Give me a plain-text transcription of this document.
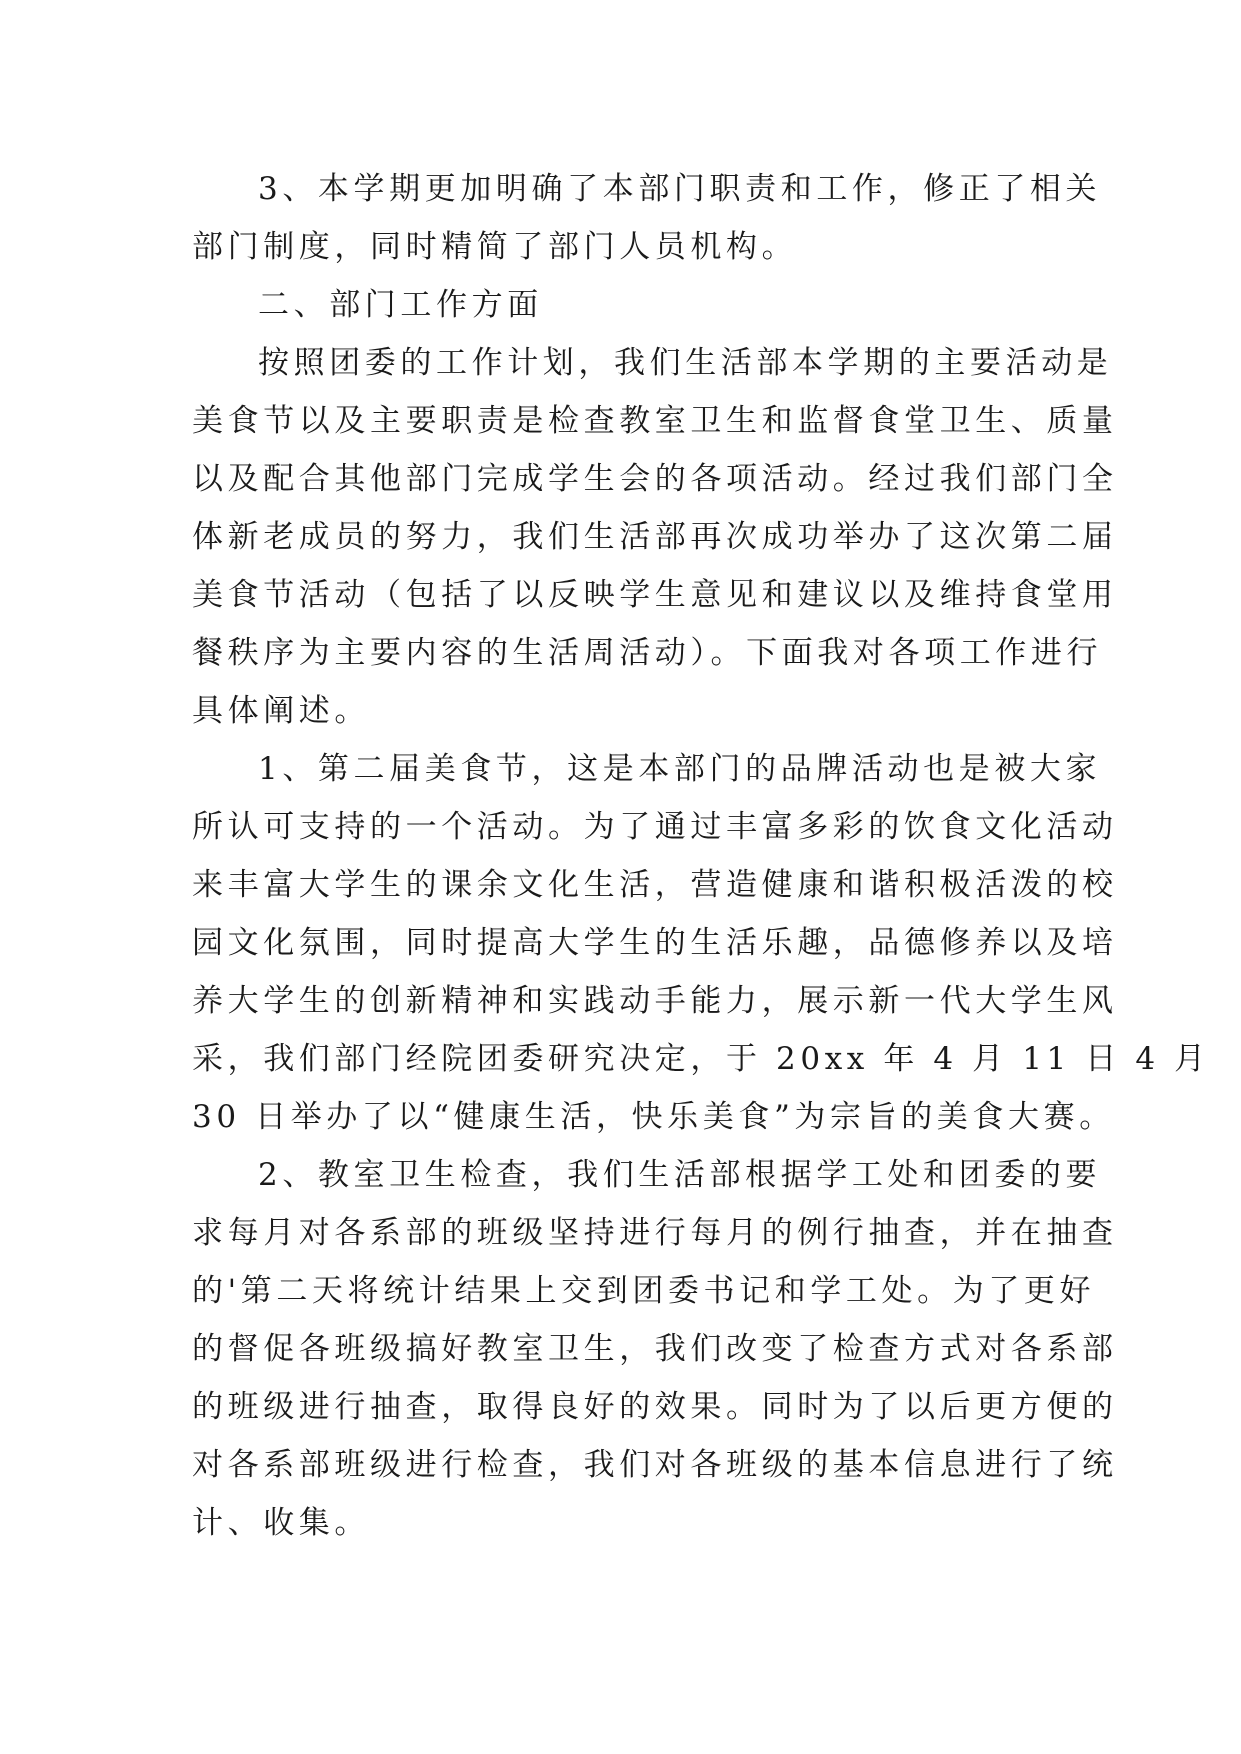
3、本学期更加明确了本部门职责和工作，修正了相关
部门制度，同时精简了部门人员机构。
二、部门工作方面
按照团委的工作计划，我们生活部本学期的主要活动是
美食节以及主要职责是检查教室卫生和监督食堂卫生、质量
以及配合其他部门完成学生会的各项活动。经过我们部门全
体新老成员的努力，我们生活部再次成功举办了这次第二届
美食节活动（包括了以反映学生意见和建议以及维持食堂用
餐秩序为主要内容的生活周活动）。下面我对各项工作进行
具体阐述。
1、第二届美食节，这是本部门的品牌活动也是被大家
所认可支持的一个活动。为了通过丰富多彩的饮食文化活动
来丰富大学生的课余文化生活，营造健康和谐积极活泼的校
园文化氛围，同时提高大学生的生活乐趣，品德修养以及培
养大学生的创新精神和实践动手能力，展示新一代大学生风
采，我们部门经院团委研究决定，于 20xx 年 4 月 11 日 4 月
30 日举办了以“健康生活，快乐美食”为宗旨的美食大赛。
2、教室卫生检查，我们生活部根据学工处和团委的要
求每月对各系部的班级坚持进行每月的例行抽查，并在抽查
的'第二天将统计结果上交到团委书记和学工处。为了更好
的督促各班级搞好教室卫生，我们改变了检查方式对各系部
的班级进行抽查，取得良好的效果。同时为了以后更方便的
对各系部班级进行检查，我们对各班级的基本信息进行了统
计、收集。
